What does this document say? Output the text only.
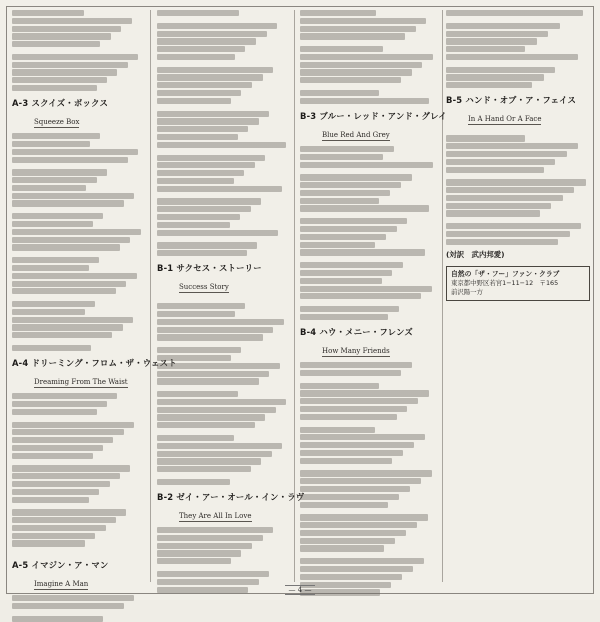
A-3 スクイズ・ボックス
Squeeze Box
A-4 ドリーミング・フロム・ザ・ウェスト
Dreaming From The Waist
A-5 イマジン・ア・マン
Imagine A Man
B-1 サクセス・ストーリー
Success Story
B-2 ゼイ・アー・オール・イン・ラヴ
They Are All In Love
B-3 ブルー・レッド・アンド・グレイ
Blue Red And Grey
B-4 ハウ・メニー・フレンズ
How Many Friends
B-5 ハンド・オブ・ア・フェイス
In A Hand Or A Face
(対訳　武内邦愛)
自然の「ザ・フー」ファン・クラブ
東京都中野区若宮1−11−12　〒165
前沢陽一方
— 4 —
